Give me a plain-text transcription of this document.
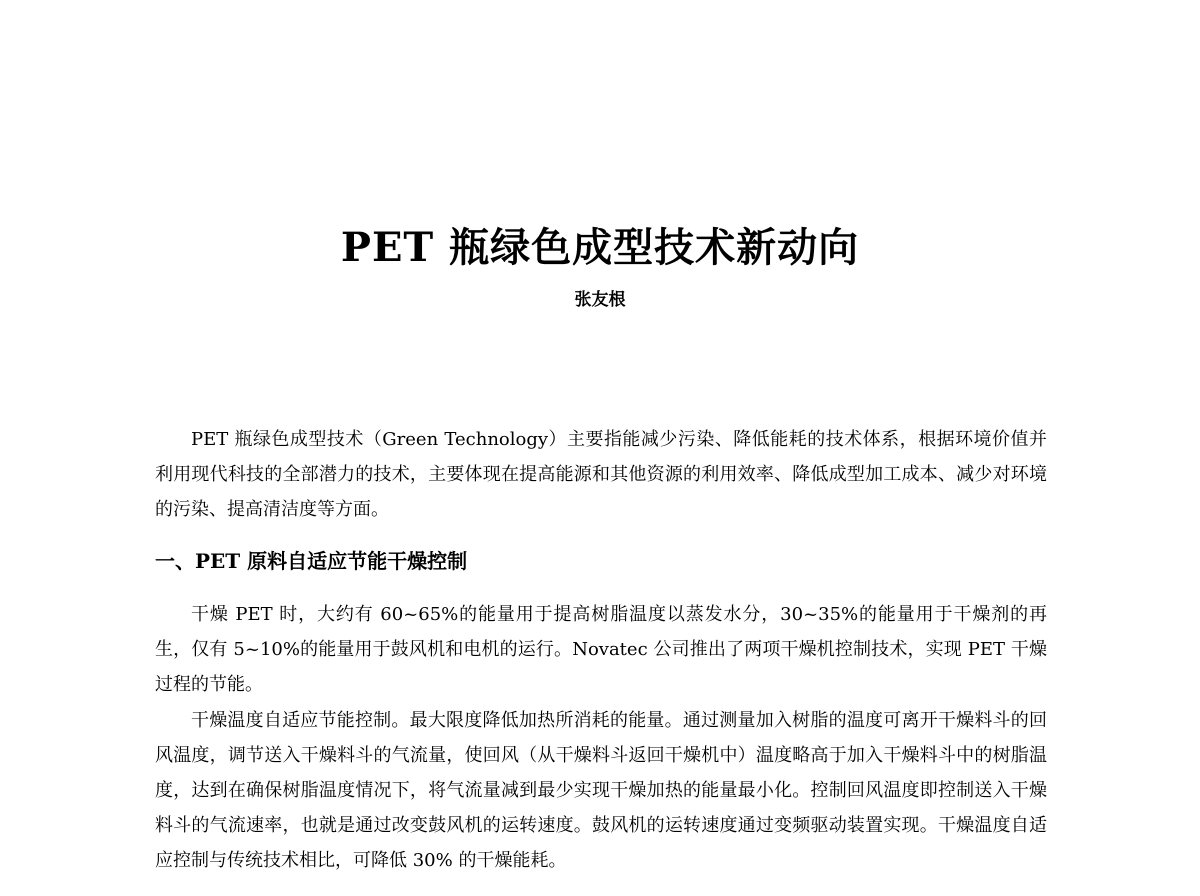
PET 瓶绿色成型技术新动向
张友根

PET 瓶绿色成型技术（Green Technology）主要指能减少污染、降低能耗的技术体系，根据环境价值并利用现代科技的全部潜力的技术，主要体现在提高能源和其他资源的利用效率、降低成型加工成本、减少对环境的污染、提高清洁度等方面。

一、PET 原料自适应节能干燥控制

干燥 PET 时，大约有 60~65%的能量用于提高树脂温度以蒸发水分，30~35%的能量用于干燥剂的再生，仅有 5~10%的能量用于鼓风机和电机的运行。Novatec 公司推出了两项干燥机控制技术，实现 PET 干燥过程的节能。

干燥温度自适应节能控制。最大限度降低加热所消耗的能量。通过测量加入树脂的温度可离开干燥料斗的回风温度，调节送入干燥料斗的气流量，使回风（从干燥料斗返回干燥机中）温度略高于加入干燥料斗中的树脂温度，达到在确保树脂温度情况下，将气流量减到最少实现干燥加热的能量最小化。控制回风温度即控制送入干燥料斗的气流速率，也就是通过改变鼓风机的运转速度。鼓风机的运转速度通过变频驱动装置实现。干燥温度自适应控制与传统技术相比，可降低 30% 的干燥能耗。
